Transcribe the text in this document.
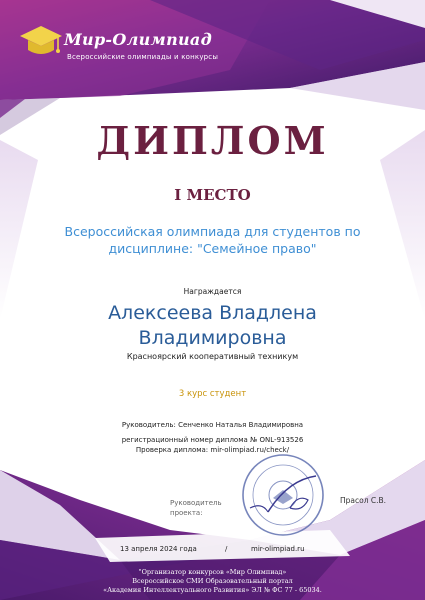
Мир-Олимпиад
Всероссийские олимпиады и конкурсы
ДИПЛОМ
I МЕСТО
Всероссийская олимпиада для студентов по
дисциплине: "Семейное право"
Награждается
Алексеева Владлена
Владимировна
Красноярский кооперативный техникум
3 курс студент
Руководитель: Сенченко Наталья Владимировна
регистрационный номер диплома № ONL-913526
Проверка диплома: mir-olimpiad.ru/check/
Руководитель
проекта:
Прасол С.В.
13 апреля 2024 года	/	mir-olimpiad.ru
"Организатор конкурсов «Мир Олимпиад»
Всероссийское СМИ Образовательный портал
«Академия Интеллектуального Развития» ЭЛ № ФС 77 - 65034.
